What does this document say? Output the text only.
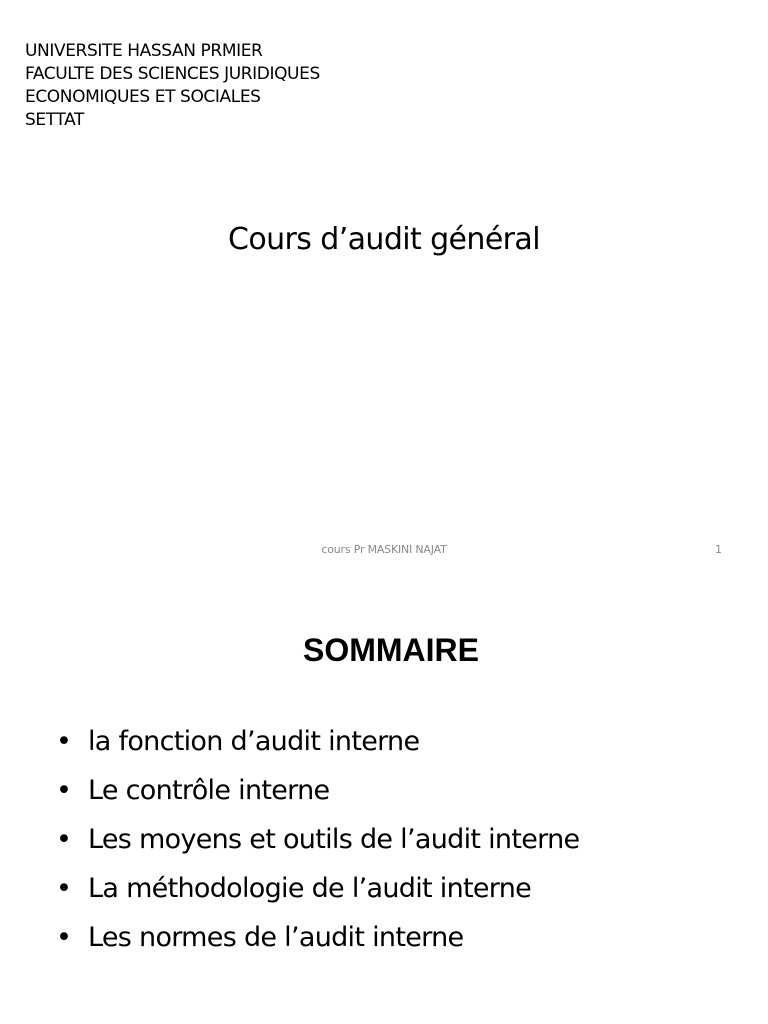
UNIVERSITE HASSAN PRMIER
FACULTE DES SCIENCES JURIDIQUES
ECONOMIQUES ET SOCIALES
SETTAT
Cours d’audit général
cours Pr MASKINI NAJAT	1
SOMMAIRE
• la fonction d’audit interne
• Le contrôle interne
• Les moyens et outils de l’audit interne
• La méthodologie de l’audit interne
• Les normes de l’audit interne
